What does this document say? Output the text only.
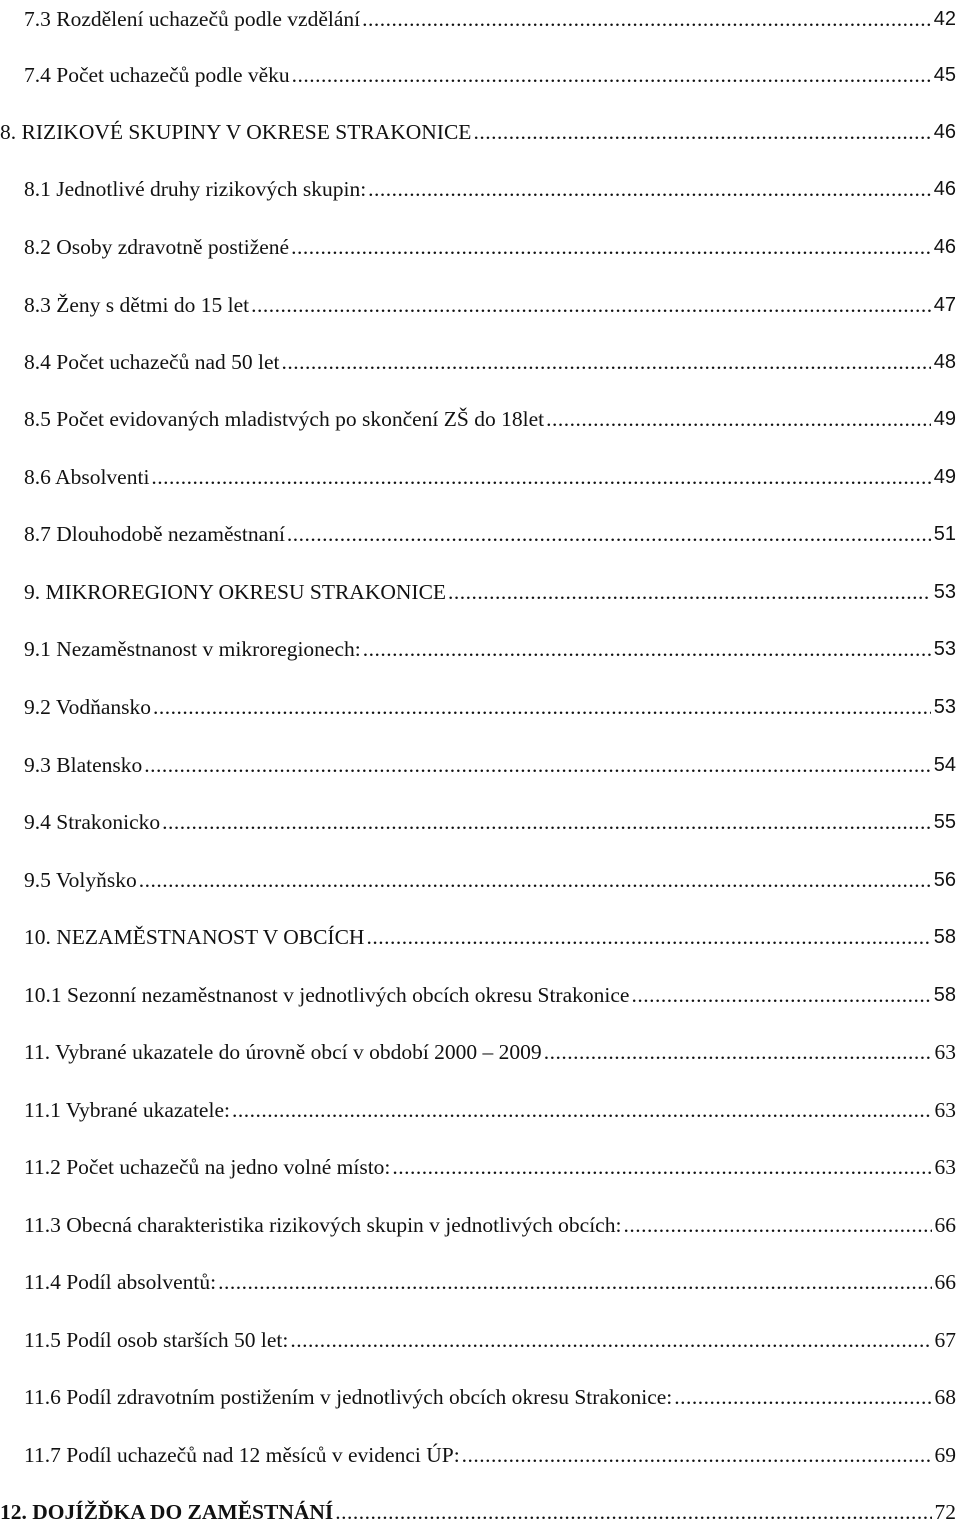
7.3 Rozdělení uchazečů podle vzdělání .....	42
7.4 Počet uchazečů podle věku .....	45
8. RIZIKOVÉ SKUPINY V OKRESE STRAKONICE .....	46
8.1 Jednotlivé druhy rizikových skupin: .....	46
8.2 Osoby zdravotně postižené .....	46
8.3 Ženy s dětmi do 15 let .....	47
8.4 Počet uchazečů nad 50 let .....	48
8.5 Počet evidovaných mladistvých po skončení ZŠ do 18let .....	49
8.6 Absolventi .....	49
8.7 Dlouhodobě nezaměstnaní .....	51
9. MIKROREGIONY OKRESU STRAKONICE .....	53
9.1 Nezaměstnanost v mikroregionech: .....	53
9.2 Vodňansko .....	53
9.3 Blatensko .....	54
9.4 Strakonicko .....	55
9.5 Volyňsko .....	56
10. NEZAMĚSTNANOST V OBCÍCH .....	58
10.1 Sezonní nezaměstnanost v jednotlivých obcích okresu Strakonice .....	58
11. Vybrané ukazatele do úrovně obcí v období 2000 – 2009 .....	63
11.1 Vybrané ukazatele: .....	63
11.2 Počet uchazečů na jedno volné místo: .....	63
11.3 Obecná charakteristika rizikových skupin v jednotlivých obcích: .....	66
11.4 Podíl absolventů: .....	66
11.5 Podíl osob starších 50 let: .....	67
11.6 Podíl zdravotním postižením v jednotlivých obcích okresu Strakonice: .....	68
11.7 Podíl uchazečů nad 12 měsíců v evidenci ÚP: .....	69
12. DOJÍŽĎKA DO ZAMĚSTNÁNÍ .....	72
